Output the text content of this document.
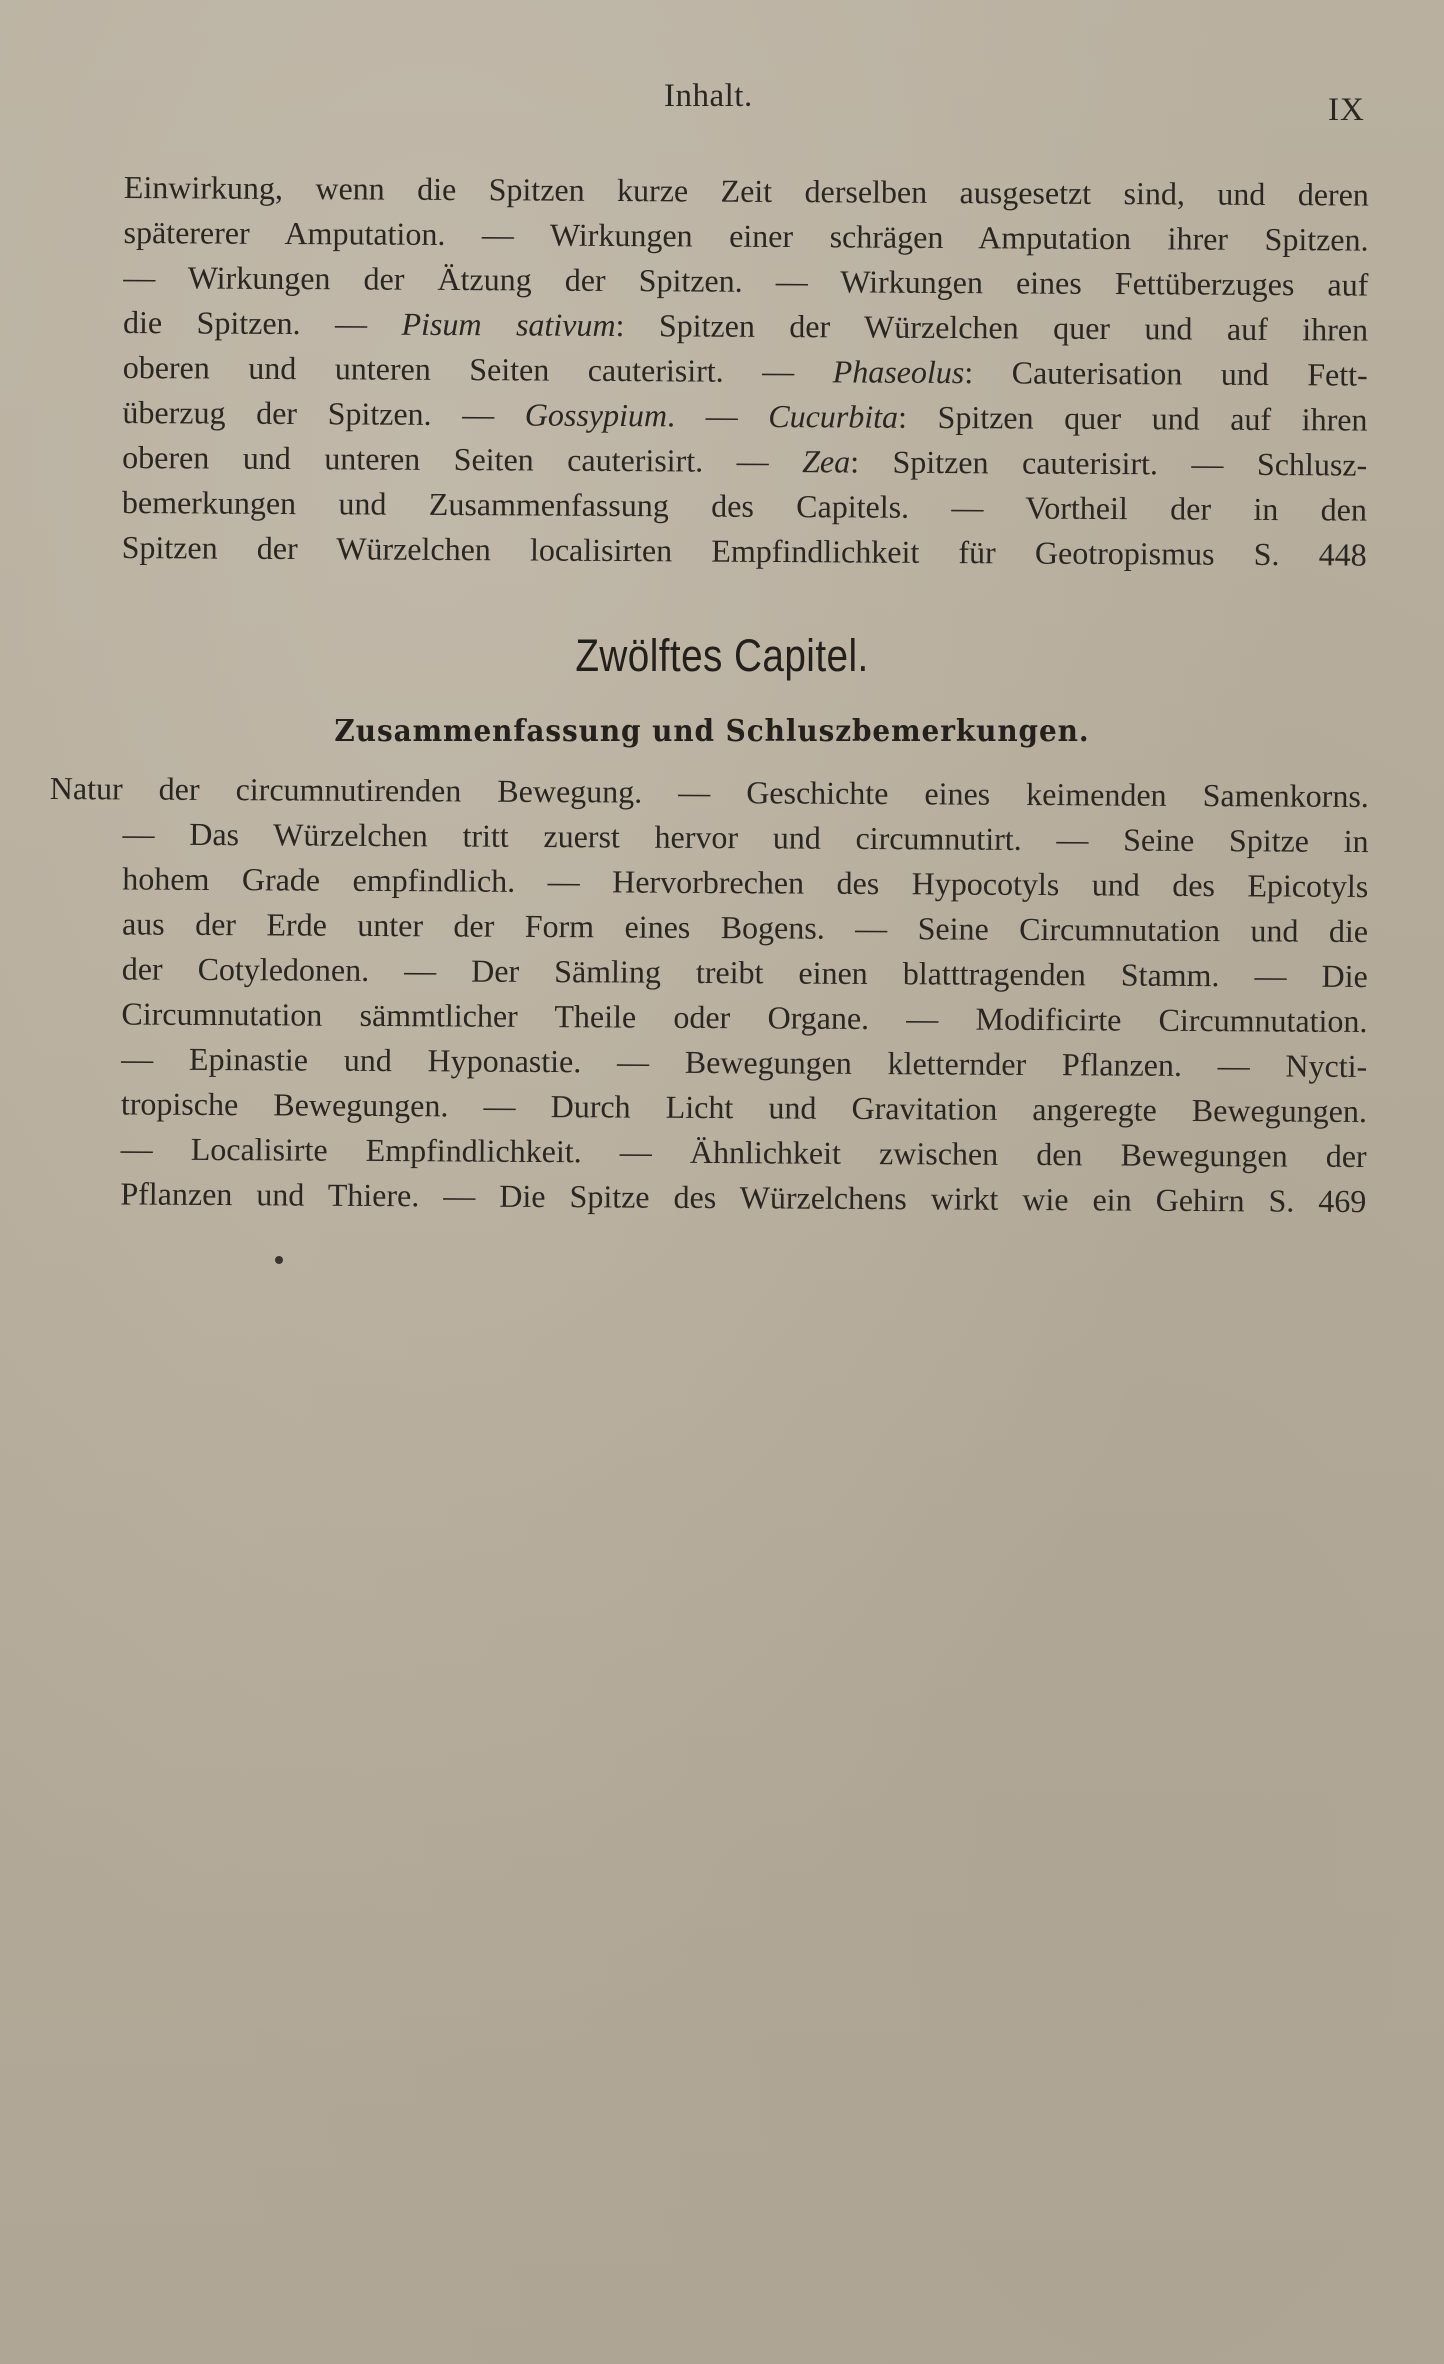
Inhalt.	IX
Einwirkung, wenn die Spitzen kurze Zeit derselben ausgesetzt sind, und deren
spätererer Amputation. — Wirkungen einer schrägen Amputation ihrer Spitzen.
— Wirkungen der Ätzung der Spitzen. — Wirkungen eines Fettüberzuges auf
die Spitzen. — Pisum sativum: Spitzen der Würzelchen quer und auf ihren
oberen und unteren Seiten cauterisirt. — Phaseolus: Cauterisation und Fett-
überzug der Spitzen. — Gossypium. — Cucurbita: Spitzen quer und auf ihren
oberen und unteren Seiten cauterisirt. — Zea: Spitzen cauterisirt. — Schlusz-
bemerkungen und Zusammenfassung des Capitels. — Vortheil der in den
Spitzen der Würzelchen localisirten Empfindlichkeit für Geotropismus S. 448
Zwölftes Capitel.
Zusammenfassung und Schluszbemerkungen.
Natur der circumnutirenden Bewegung. — Geschichte eines keimenden Samenkorns.
— Das Würzelchen tritt zuerst hervor und circumnutirt. — Seine Spitze in
hohem Grade empfindlich. — Hervorbrechen des Hypocotyls und des Epicotyls
aus der Erde unter der Form eines Bogens. — Seine Circumnutation und die
der Cotyledonen. — Der Sämling treibt einen blatttragenden Stamm. — Die
Circumnutation sämmtlicher Theile oder Organe. — Modificirte Circumnutation.
— Epinastie und Hyponastie. — Bewegungen kletternder Pflanzen. — Nycti-
tropische Bewegungen. — Durch Licht und Gravitation angeregte Bewegungen.
— Localisirte Empfindlichkeit. — Ähnlichkeit zwischen den Bewegungen der
Pflanzen und Thiere. — Die Spitze des Würzelchens wirkt wie ein Gehirn S. 469
